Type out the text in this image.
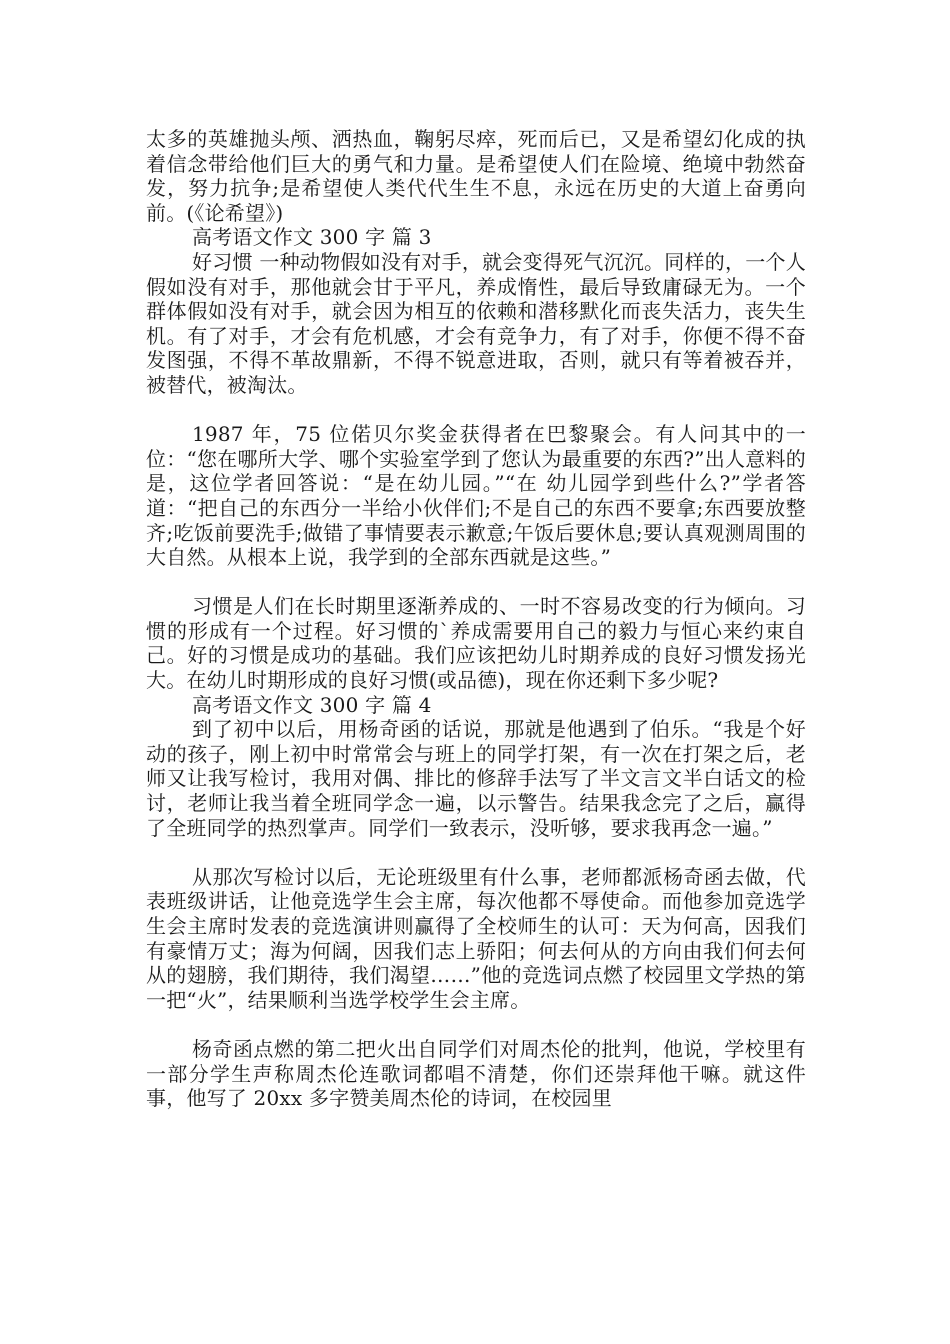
太多的英雄抛头颅、洒热血，鞠躬尽瘁，死而后已，又是希望幻化成的执着信念带给他们巨大的勇气和力量。是希望使人们在险境、绝境中勃然奋发，努力抗争;是希望使人类代代生生不息，永远在历史的大道上奋勇向前。(《论希望》)

高考语文作文 300 字 篇 3

好习惯 一种动物假如没有对手，就会变得死气沉沉。同样的，一个人假如没有对手，那他就会甘于平凡，养成惰性，最后导致庸碌无为。一个群体假如没有对手，就会因为相互的依赖和潜移默化而丧失活力，丧失生机。有了对手，才会有危机感，才会有竞争力，有了对手，你便不得不奋发图强，不得不革故鼎新，不得不锐意进取，否则，就只有等着被吞并，被替代，被淘汰。

1987 年，75 位偌贝尔奖金获得者在巴黎聚会。有人问其中的一位：“您在哪所大学、哪个实验室学到了您认为最重要的东西?”出人意料的是，这位学者回答说：“是在幼儿园。”“在 幼儿园学到些什么?”学者答道：“把自己的东西分一半给小伙伴们;不是自己的东西不要拿;东西要放整齐;吃饭前要洗手;做错了事情要表示歉意;午饭后要休息;要认真观测周围的大自然。从根本上说，我学到的全部东西就是这些。”

习惯是人们在长时期里逐渐养成的、一时不容易改变的行为倾向。习惯的形成有一个过程。好习惯的`养成需要用自己的毅力与恒心来约束自己。好的习惯是成功的基础。我们应该把幼儿时期养成的良好习惯发扬光大。在幼儿时期形成的良好习惯(或品德)，现在你还剩下多少呢?

高考语文作文 300 字 篇 4

到了初中以后，用杨奇函的话说，那就是他遇到了伯乐。“我是个好动的孩子，刚上初中时常常会与班上的同学打架，有一次在打架之后，老师又让我写检讨，我用对偶、排比的修辞手法写了半文言文半白话文的检讨，老师让我当着全班同学念一遍，以示警告。结果我念完了之后，赢得了全班同学的热烈掌声。同学们一致表示，没听够，要求我再念一遍。”

从那次写检讨以后，无论班级里有什么事，老师都派杨奇函去做，代表班级讲话，让他竞选学生会主席，每次他都不辱使命。而他参加竞选学生会主席时发表的竞选演讲则赢得了全校师生的认可：天为何高，因我们有豪情万丈；海为何阔，因我们志上骄阳；何去何从的方向由我们何去何从的翅膀，我们期待，我们渴望……”他的竞选词点燃了校园里文学热的第一把“火”，结果顺利当选学校学生会主席。

杨奇函点燃的第二把火出自同学们对周杰伦的批判，他说，学校里有一部分学生声称周杰伦连歌词都唱不清楚，你们还崇拜他干嘛。就这件事，他写了 20xx 多字赞美周杰伦的诗词，在校园里
